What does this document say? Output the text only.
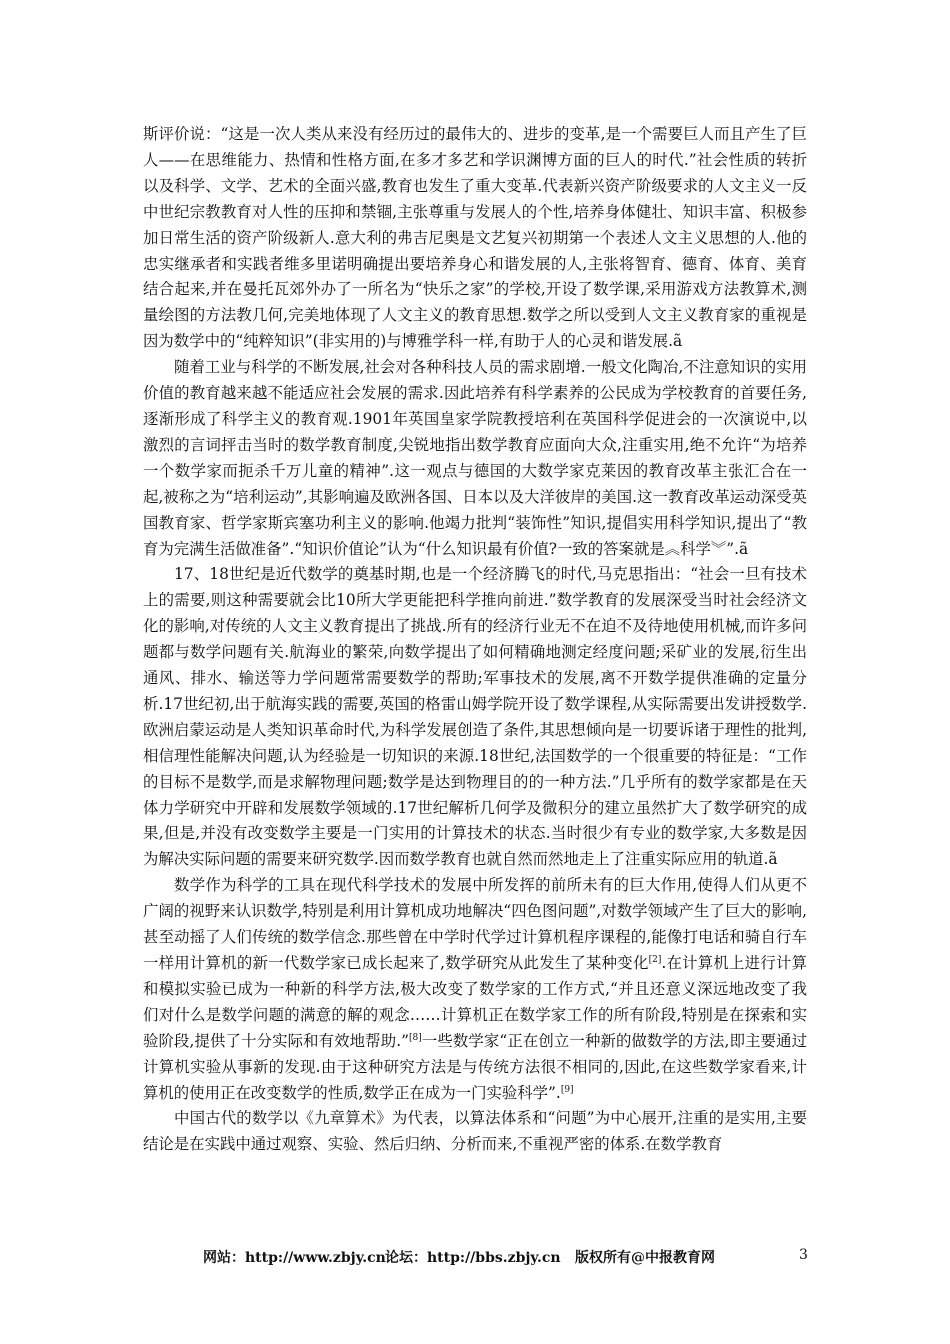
斯评价说：“这是一次人类从来没有经历过的最伟大的、进步的变革,是一个需要巨人而且产生了巨人——在思维能力、热情和性格方面,在多才多艺和学识渊博方面的巨人的时代.”社会性质的转折以及科学、文学、艺术的全面兴盛,教育也发生了重大变革.代表新兴资产阶级要求的人文主义一反中世纪宗教教育对人性的压抑和禁锢,主张尊重与发展人的个性,培养身体健壮、知识丰富、积极参加日常生活的资产阶级新人.意大利的弗吉尼奥是文艺复兴初期第一个表述人文主义思想的人.他的忠实继承者和实践者维多里诺明确提出要培养身心和谐发展的人,主张将智育、德育、体育、美育结合起来,并在曼托瓦郊外办了一所名为“快乐之家”的学校,开设了数学课,采用游戏方法教算术,测量绘图的方法教几何,完美地体现了人文主义的教育思想.数学之所以受到人文主义教育家的重视是因为数学中的“纯粹知识”(非实用的)与博雅学科一样,有助于人的心灵和谐发展.ã

随着工业与科学的不断发展,社会对各种科技人员的需求剧增.一般文化陶冶,不注意知识的实用价值的教育越来越不能适应社会发展的需求.因此培养有科学素养的公民成为学校教育的首要任务,逐渐形成了科学主义的教育观.1901年英国皇家学院教授培利在英国科学促进会的一次演说中,以激烈的言词抨击当时的数学教育制度,尖锐地指出数学教育应面向大众,注重实用,绝不允许“为培养一个数学家而扼杀千万儿童的精神”.这一观点与德国的大数学家克莱因的教育改革主张汇合在一起,被称之为“培利运动”,其影响遍及欧洲各国、日本以及大洋彼岸的美国.这一教育改革运动深受英国教育家、哲学家斯宾塞功利主义的影响.他竭力批判“装饰性”知识,提倡实用科学知识,提出了“教育为完满生活做准备”.“知识价值论”认为“什么知识最有价值?一致的答案就是︽科学︾”.ã

17、18世纪是近代数学的奠基时期,也是一个经济腾飞的时代,马克思指出：“社会一旦有技术上的需要,则这种需要就会比10所大学更能把科学推向前进.”数学教育的发展深受当时社会经济文化的影响,对传统的人文主义教育提出了挑战.所有的经济行业无不在迫不及待地使用机械,而许多问题都与数学问题有关.航海业的繁荣,向数学提出了如何精确地测定经度问题;采矿业的发展,衍生出通风、排水、输送等力学问题常需要数学的帮助;军事技术的发展,离不开数学提供准确的定量分析.17世纪初,出于航海实践的需要,英国的格雷山姆学院开设了数学课程,从实际需要出发讲授数学.欧洲启蒙运动是人类知识革命时代,为科学发展创造了条件,其思想倾向是一切要诉诸于理性的批判,相信理性能解决问题,认为经验是一切知识的来源.18世纪,法国数学的一个很重要的特征是：“工作的目标不是数学,而是求解物理问题;数学是达到物理目的的一种方法.”几乎所有的数学家都是在天体力学研究中开辟和发展数学领域的.17世纪解析几何学及微积分的建立虽然扩大了数学研究的成果,但是,并没有改变数学主要是一门实用的计算技术的状态.当时很少有专业的数学家,大多数是因为解决实际问题的需要来研究数学.因而数学教育也就自然而然地走上了注重实际应用的轨道.ã

数学作为科学的工具在现代科学技术的发展中所发挥的前所未有的巨大作用,使得人们从更不广阔的视野来认识数学,特别是利用计算机成功地解决“四色图问题”,对数学领域产生了巨大的影响,甚至动摇了人们传统的数学信念.那些曾在中学时代学过计算机程序课程的,能像打电话和骑自行车一样用计算机的新一代数学家已成长起来了,数学研究从此发生了某种变化[2].在计算机上进行计算和模拟实验已成为一种新的科学方法,极大改变了数学家的工作方式,“并且还意义深远地改变了我们对什么是数学问题的满意的解的观念……计算机正在数学家工作的所有阶段,特别是在探索和实验阶段,提供了十分实际和有效地帮助.”[8]一些数学家“正在创立一种新的做数学的方法,即主要通过计算机实验从事新的发现.由于这种研究方法是与传统方法很不相同的,因此,在这些数学家看来,计算机的使用正在改变数学的性质,数学正在成为一门实验科学”.[9]

中国古代的数学以《九章算术》为代表，以算法体系和“问题”为中心展开,注重的是实用,主要结论是在实践中通过观察、实验、然后归纳、分析而来,不重视严密的体系.在数学教育

网站：http://www.zbjy.cn 论坛：http://bbs.zbjy.cn 版权所有@中报教育网	3
